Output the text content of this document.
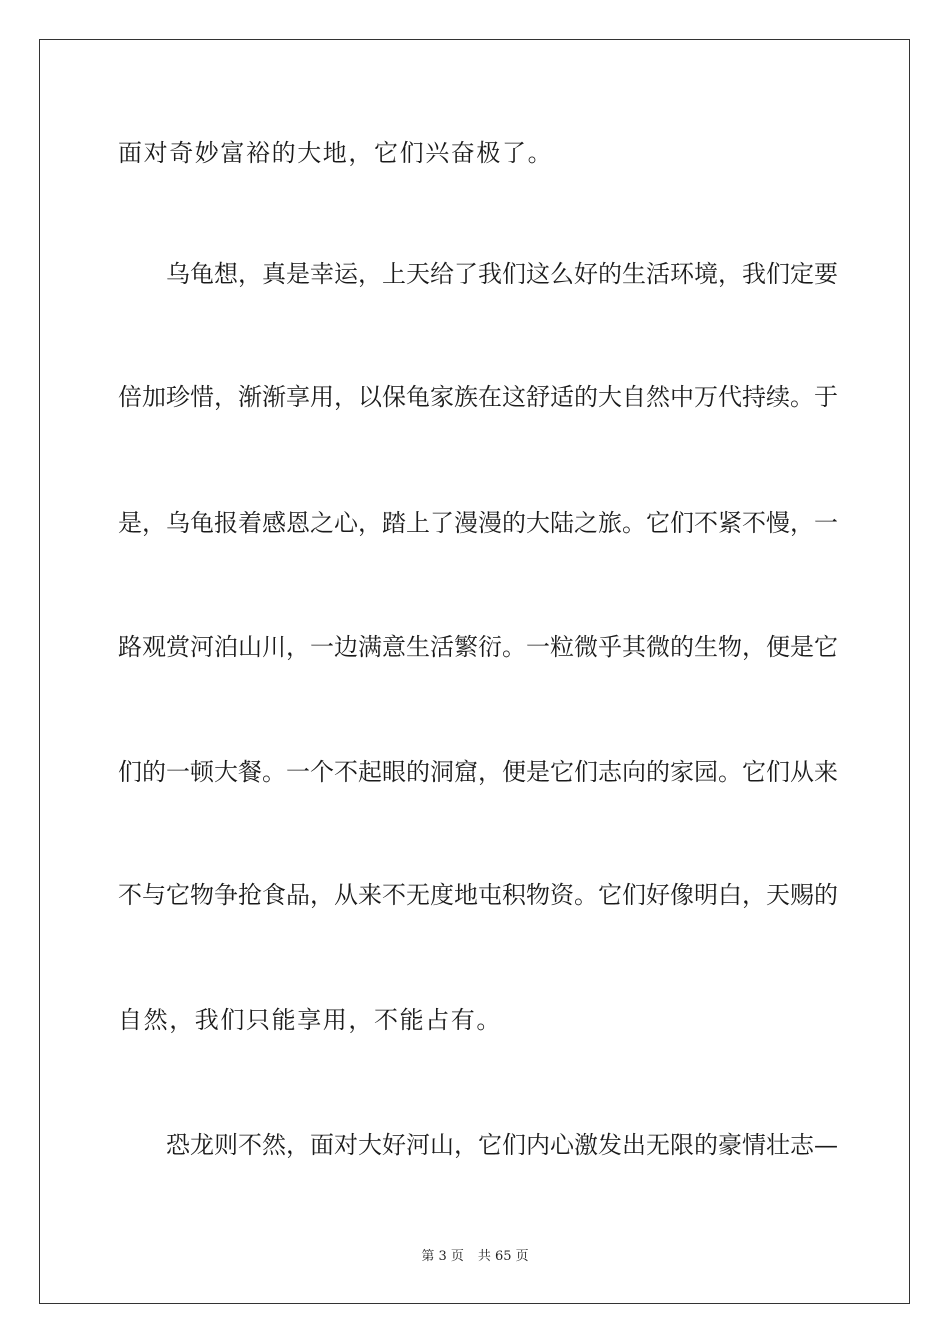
面对奇妙富裕的大地，它们兴奋极了。
乌龟想，真是幸运，上天给了我们这么好的生活环境，我们定要
倍加珍惜，渐渐享用，以保龟家族在这舒适的大自然中万代持续。于
是，乌龟报着感恩之心，踏上了漫漫的大陆之旅。它们不紧不慢，一
路观赏河泊山川，一边满意生活繁衍。一粒微乎其微的生物，便是它
们的一顿大餐。一个不起眼的洞窟，便是它们志向的家园。它们从来
不与它物争抢食品，从来不无度地屯积物资。它们好像明白，天赐的
自然，我们只能享用，不能占有。
恐龙则不然，面对大好河山，它们内心激发出无限的豪情壮志—
第 3 页 共 65 页
